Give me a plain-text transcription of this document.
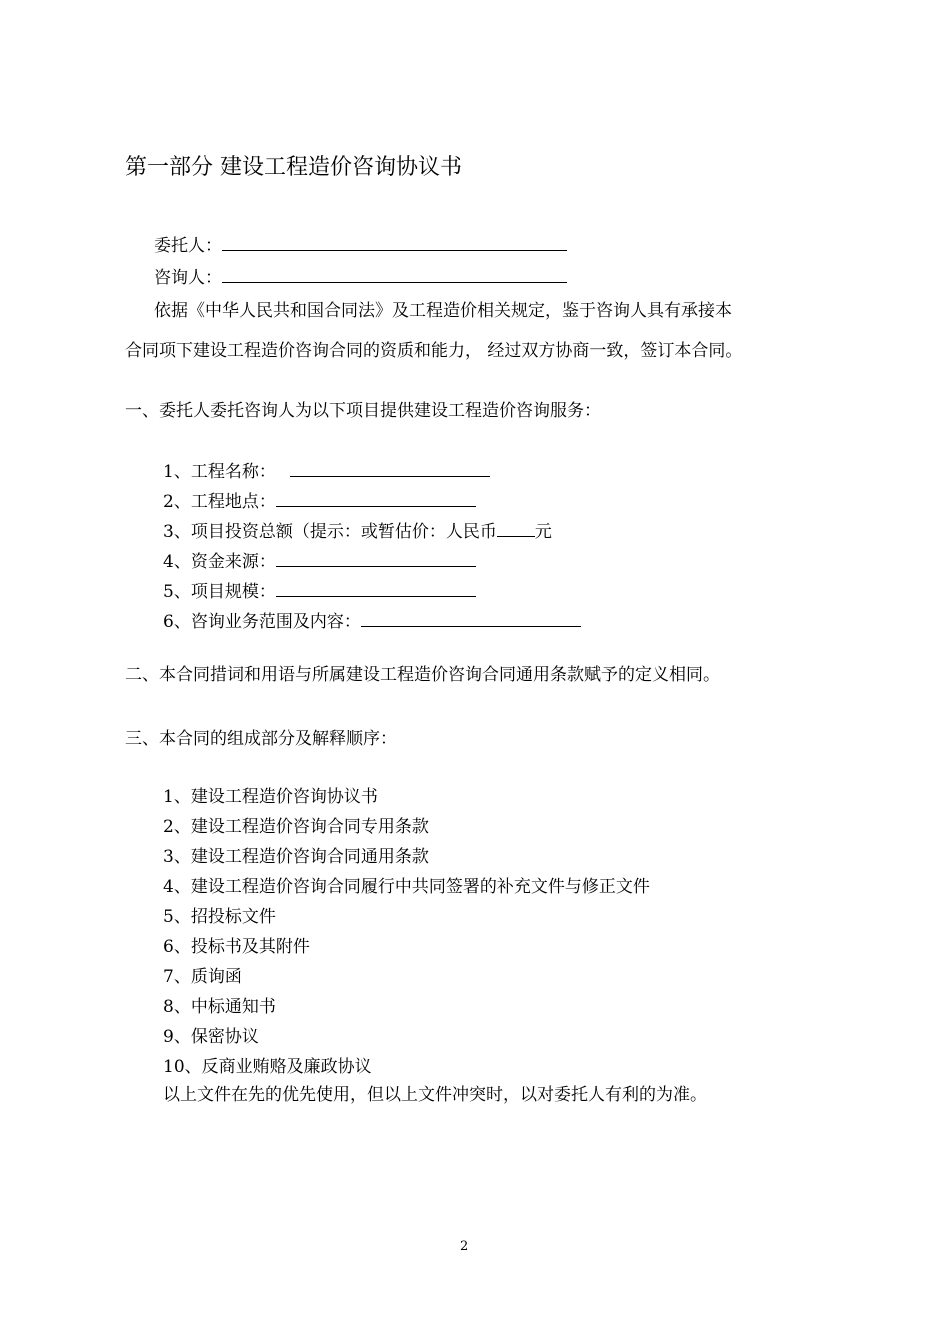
第一部分 建设工程造价咨询协议书
委托人：
咨询人：
依据《中华人民共和国合同法》及工程造价相关规定，鉴于咨询人具有承接本
合同项下建设工程造价咨询合同的资质和能力， 经过双方协商一致，签订本合同。
一、委托人委托咨询人为以下项目提供建设工程造价咨询服务：
1、工程名称：
2、工程地点：
3、项目投资总额（提示：或暂估价：人民币 元
4、资金来源：
5、项目规模：
6、咨询业务范围及内容：
二、本合同措词和用语与所属建设工程造价咨询合同通用条款赋予的定义相同。
三、本合同的组成部分及解释顺序：
1、建设工程造价咨询协议书
2、建设工程造价咨询合同专用条款
3、建设工程造价咨询合同通用条款
4、建设工程造价咨询合同履行中共同签署的补充文件与修正文件
5、招投标文件
6、投标书及其附件
7、质询函
8、中标通知书
9、保密协议
10、反商业贿赂及廉政协议
以上文件在先的优先使用，但以上文件冲突时，以对委托人有利的为准。
2
